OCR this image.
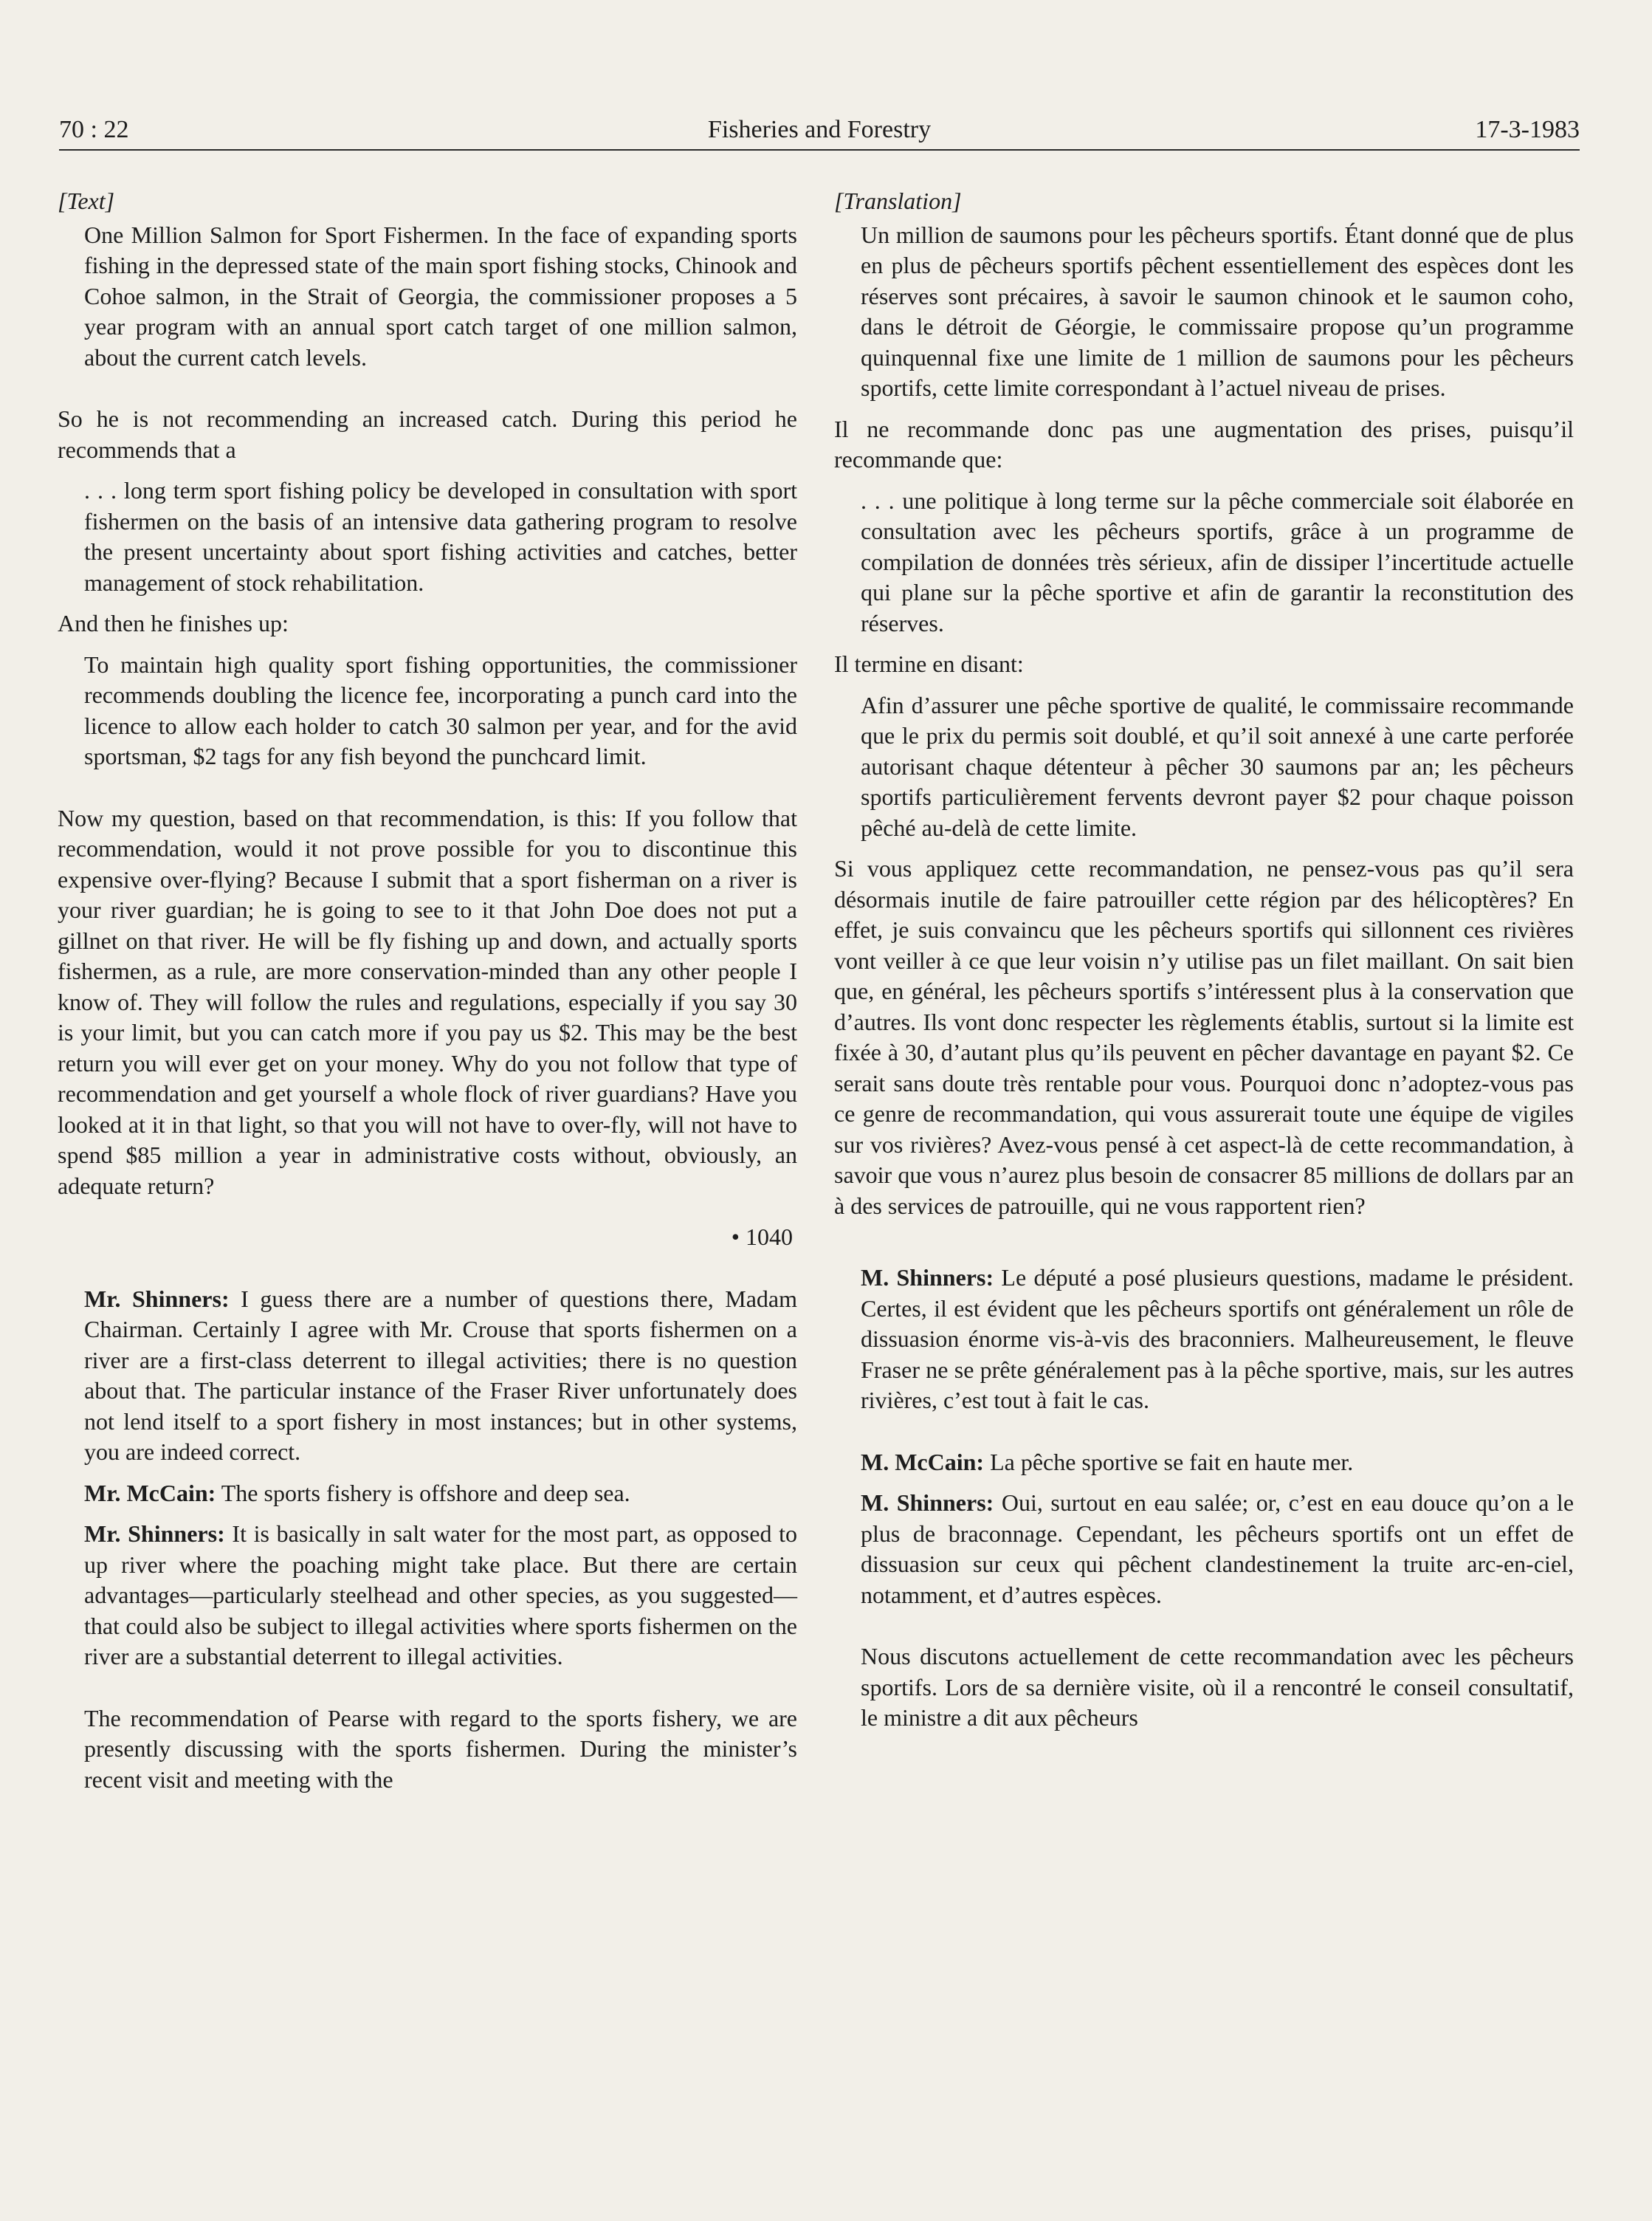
70 : 22	Fisheries and Forestry	17-3-1983

[Text]

One Million Salmon for Sport Fishermen. In the face of expanding sports fishing in the depressed state of the main sport fishing stocks, Chinook and Cohoe salmon, in the Strait of Georgia, the commissioner proposes a 5 year program with an annual sport catch target of one million salmon, about the current catch levels.

So he is not recommending an increased catch. During this period he recommends that a

. . . long term sport fishing policy be developed in consultation with sport fishermen on the basis of an intensive data gathering program to resolve the present uncertainty about sport fishing activities and catches, better management of stock rehabilitation.

And then he finishes up:

To maintain high quality sport fishing opportunities, the commissioner recommends doubling the licence fee, incorporating a punch card into the licence to allow each holder to catch 30 salmon per year, and for the avid sportsman, $2 tags for any fish beyond the punchcard limit.

Now my question, based on that recommendation, is this: If you follow that recommendation, would it not prove possible for you to discontinue this expensive over-flying? Because I submit that a sport fisherman on a river is your river guardian; he is going to see to it that John Doe does not put a gillnet on that river. He will be fly fishing up and down, and actually sports fishermen, as a rule, are more conservation-minded than any other people I know of. They will follow the rules and regulations, especially if you say 30 is your limit, but you can catch more if you pay us $2. This may be the best return you will ever get on your money. Why do you not follow that type of recommendation and get yourself a whole flock of river guardians? Have you looked at it in that light, so that you will not have to over-fly, will not have to spend $85 million a year in administrative costs without, obviously, an adequate return?

• 1040

Mr. Shinners: I guess there are a number of questions there, Madam Chairman. Certainly I agree with Mr. Crouse that sports fishermen on a river are a first-class deterrent to illegal activities; there is no question about that. The particular instance of the Fraser River unfortunately does not lend itself to a sport fishery in most instances; but in other systems, you are indeed correct.

Mr. McCain: The sports fishery is offshore and deep sea.

Mr. Shinners: It is basically in salt water for the most part, as opposed to up river where the poaching might take place. But there are certain advantages—particularly steelhead and other species, as you suggested—that could also be subject to illegal activities where sports fishermen on the river are a substantial deterrent to illegal activities.

The recommendation of Pearse with regard to the sports fishery, we are presently discussing with the sports fishermen. During the minister’s recent visit and meeting with the

[Translation]

Un million de saumons pour les pêcheurs sportifs. Étant donné que de plus en plus de pêcheurs sportifs pêchent essentiellement des espèces dont les réserves sont précaires, à savoir le saumon chinook et le saumon coho, dans le détroit de Géorgie, le commissaire propose qu’un programme quinquennal fixe une limite de 1 million de saumons pour les pêcheurs sportifs, cette limite correspondant à l’actuel niveau de prises.

Il ne recommande donc pas une augmentation des prises, puisqu’il recommande que:

. . . une politique à long terme sur la pêche commerciale soit élaborée en consultation avec les pêcheurs sportifs, grâce à un programme de compilation de données très sérieux, afin de dissiper l’incertitude actuelle qui plane sur la pêche sportive et afin de garantir la reconstitution des réserves.

Il termine en disant:

Afin d’assurer une pêche sportive de qualité, le commissaire recommande que le prix du permis soit doublé, et qu’il soit annexé à une carte perforée autorisant chaque détenteur à pêcher 30 saumons par an; les pêcheurs sportifs particulièrement fervents devront payer $2 pour chaque poisson pêché au-delà de cette limite.

Si vous appliquez cette recommandation, ne pensez-vous pas qu’il sera désormais inutile de faire patrouiller cette région par des hélicoptères? En effet, je suis convaincu que les pêcheurs sportifs qui sillonnent ces rivières vont veiller à ce que leur voisin n’y utilise pas un filet maillant. On sait bien que, en général, les pêcheurs sportifs s’intéressent plus à la conservation que d’autres. Ils vont donc respecter les règlements établis, surtout si la limite est fixée à 30, d’autant plus qu’ils peuvent en pêcher davantage en payant $2. Ce serait sans doute très rentable pour vous. Pourquoi donc n’adoptez-vous pas ce genre de recommandation, qui vous assurerait toute une équipe de vigiles sur vos rivières? Avez-vous pensé à cet aspect-là de cette recommandation, à savoir que vous n’aurez plus besoin de consacrer 85 millions de dollars par an à des services de patrouille, qui ne vous rapportent rien?

M. Shinners: Le député a posé plusieurs questions, madame le président. Certes, il est évident que les pêcheurs sportifs ont généralement un rôle de dissuasion énorme vis-à-vis des braconniers. Malheureusement, le fleuve Fraser ne se prête généralement pas à la pêche sportive, mais, sur les autres rivières, c’est tout à fait le cas.

M. McCain: La pêche sportive se fait en haute mer.

M. Shinners: Oui, surtout en eau salée; or, c’est en eau douce qu’on a le plus de braconnage. Cependant, les pêcheurs sportifs ont un effet de dissuasion sur ceux qui pêchent clandestinement la truite arc-en-ciel, notamment, et d’autres espèces.

Nous discutons actuellement de cette recommandation avec les pêcheurs sportifs. Lors de sa dernière visite, où il a rencontré le conseil consultatif, le ministre a dit aux pêcheurs
